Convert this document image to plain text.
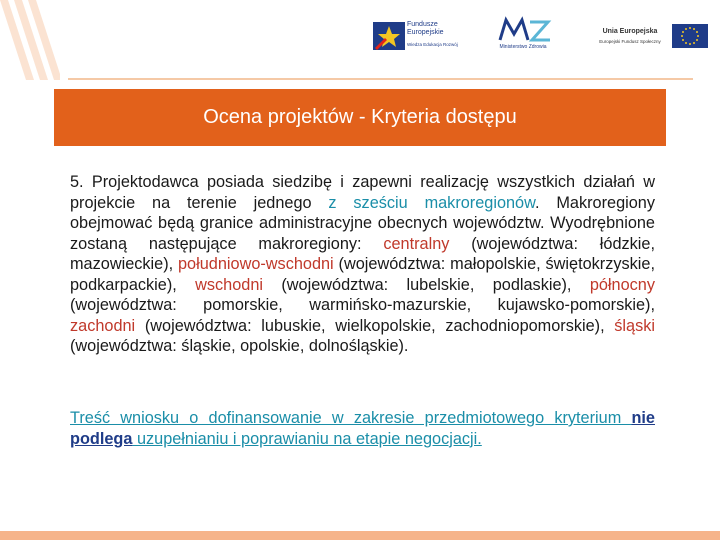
Fundusze Europejskie
Wiedza Edukacja Rozwój	Ministerstwo Zdrowia
Unia Europejska
Europejski Fundusz Społeczny
Ocena projektów - Kryteria dostępu
5. Projektodawca posiada siedzibę i zapewni realizację wszystkich działań w projekcie na terenie jednego z sześciu makroregionów. Makroregiony obejmować będą granice administracyjne obecnych województw. Wyodrębnione zostaną następujące makroregiony: centralny (województwa: łódzkie, mazowieckie), południowo-wschodni (województwa: małopolskie, świętokrzyskie, podkarpackie), wschodni (województwa: lubelskie, podlaskie), północny (województwa: pomorskie, warmińsko-mazurskie, kujawsko-pomorskie), zachodni (województwa: lubuskie, wielkopolskie, zachodniopomorskie), śląski (województwa: śląskie, opolskie, dolnośląskie).
Treść wniosku o dofinansowanie w zakresie przedmiotowego kryterium nie podlega uzupełnianiu i poprawianiu na etapie negocjacji.
